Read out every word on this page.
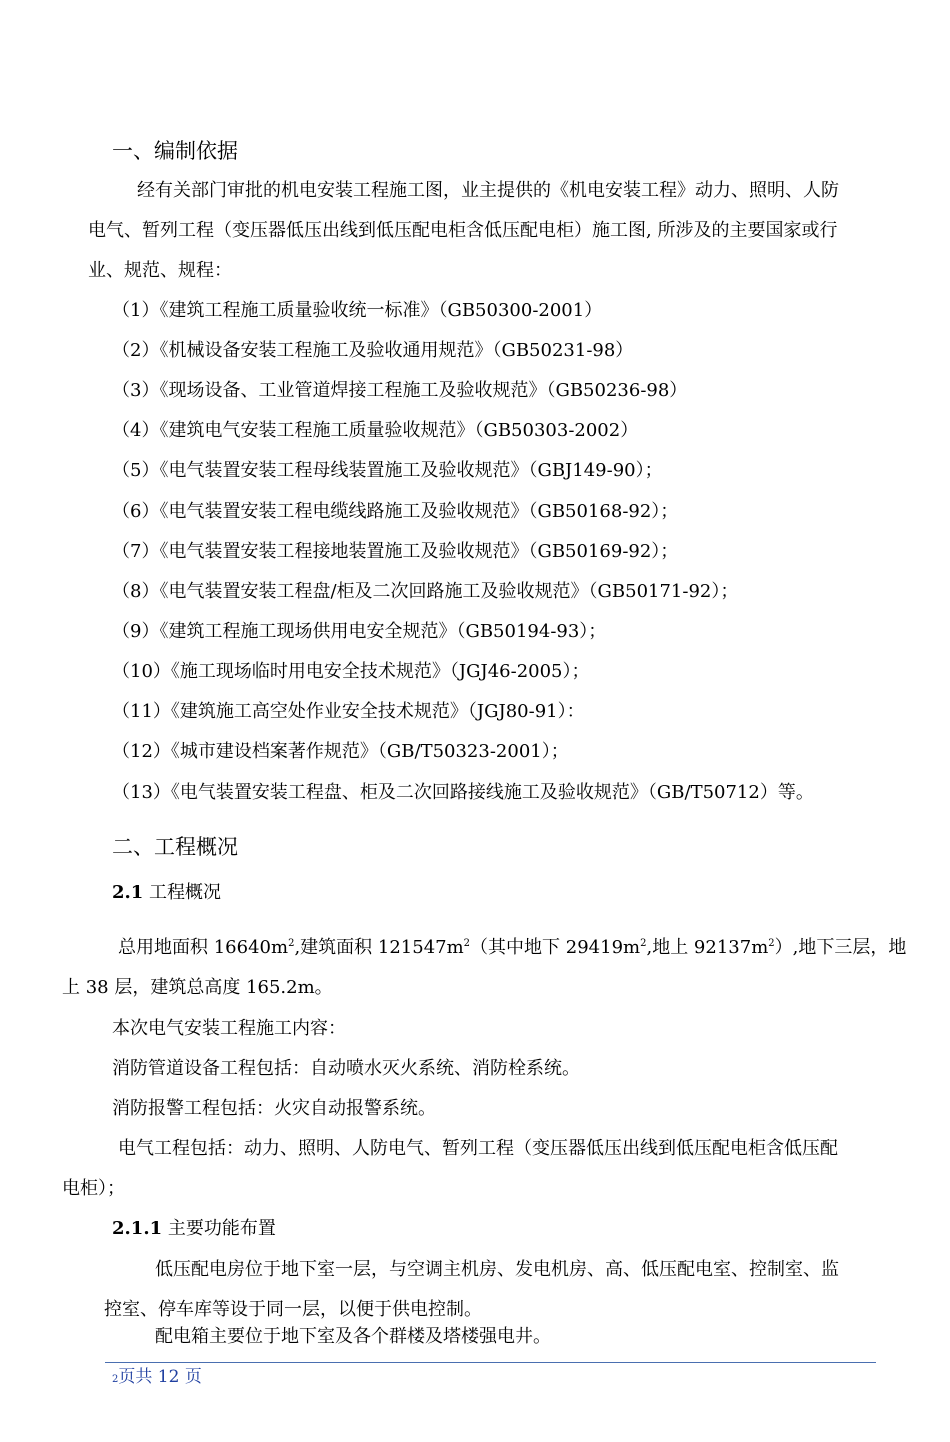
一、编制依据
经有关部门审批的机电安装工程施工图，业主提供的《机电安装工程》动力、照明、人防
电气、暂列工程（变压器低压出线到低压配电柜含低压配电柜）施工图, 所涉及的主要国家或行
业、规范、规程：
（1）《建筑工程施工质量验收统一标准》（GB50300-2001）
（2）《机械设备安装工程施工及验收通用规范》（GB50231-98）
（3）《现场设备、工业管道焊接工程施工及验收规范》（GB50236-98）
（4）《建筑电气安装工程施工质量验收规范》（GB50303-2002）
（5）《电气装置安装工程母线装置施工及验收规范》（GBJ149-90）；
（6）《电气装置安装工程电缆线路施工及验收规范》（GB50168-92）；
（7）《电气装置安装工程接地装置施工及验收规范》（GB50169-92）；
（8）《电气装置安装工程盘/柜及二次回路施工及验收规范》（GB50171-92）；
（9）《建筑工程施工现场供用电安全规范》（GB50194-93）；
（10）《施工现场临时用电安全技术规范》（JGJ46-2005）；
（11）《建筑施工高空处作业安全技术规范》（JGJ80-91）：
（12）《城市建设档案著作规范》（GB/T50323-2001）；
（13）《电气装置安装工程盘、柜及二次回路接线施工及验收规范》（GB/T50712）等。
二、工程概况
2.1 工程概况
总用地面积 $16640m^2$,建筑面积 $121547m^2$（其中地下 $29419m^2$,地上 $92137m^2$）,地下三层，地
上 38 层，建筑总高度 165.2m。
本次电气安装工程施工内容：
消防管道设备工程包括：自动喷水灭火系统、消防栓系统。
消防报警工程包括：火灾自动报警系统。
电气工程包括：动力、照明、人防电气、暂列工程（变压器低压出线到低压配电柜含低压配
电柜）；
2.1.1 主要功能布置
低压配电房位于地下室一层，与空调主机房、发电机房、高、低压配电室、控制室、监
控室、停车库等设于同一层，以便于供电控制。
配电箱主要位于地下室及各个群楼及塔楼强电井。
2页共 12 页
